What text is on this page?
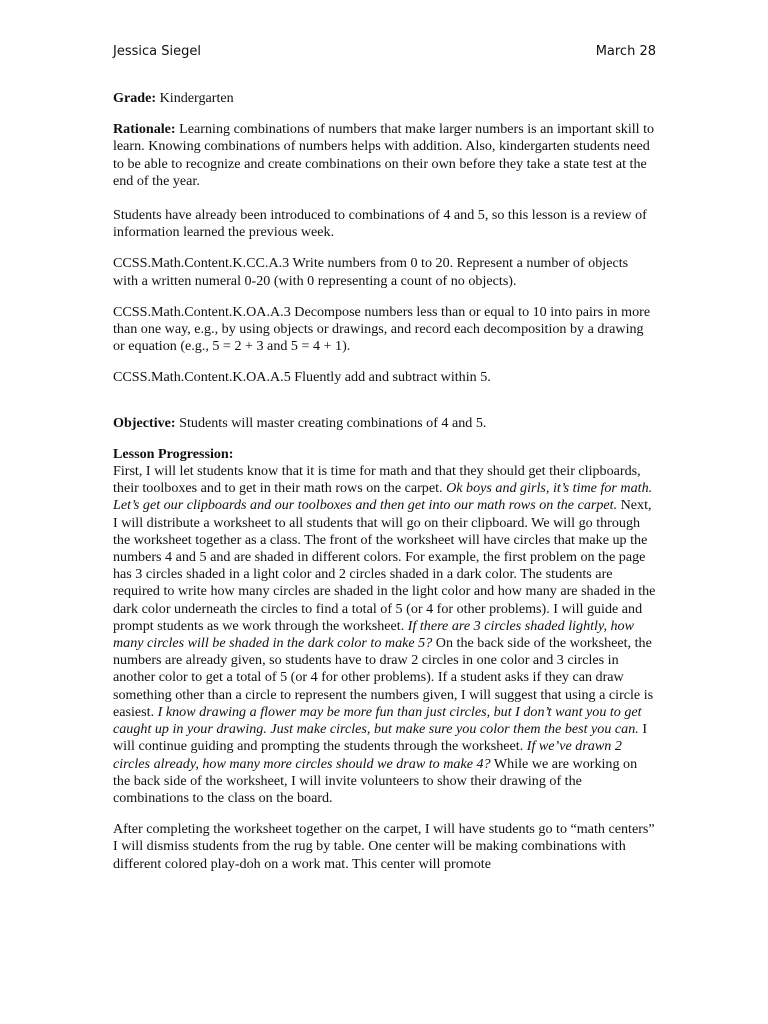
Jessica Siegel	March 28

Grade: Kindergarten

Rationale: Learning combinations of numbers that make larger numbers is an important skill to learn. Knowing combinations of numbers helps with addition. Also, kindergarten students need to be able to recognize and create combinations on their own before they take a state test at the end of the year.

Students have already been introduced to combinations of 4 and 5, so this lesson is a review of information learned the previous week.

CCSS.Math.Content.K.CC.A.3 Write numbers from 0 to 20. Represent a number of objects with a written numeral 0-20 (with 0 representing a count of no objects).

CCSS.Math.Content.K.OA.A.3 Decompose numbers less than or equal to 10 into pairs in more than one way, e.g., by using objects or drawings, and record each decomposition by a drawing or equation (e.g., 5 = 2 + 3 and 5 = 4 + 1).

CCSS.Math.Content.K.OA.A.5 Fluently add and subtract within 5.

Objective: Students will master creating combinations of 4 and 5.

Lesson Progression:

First, I will let students know that it is time for math and that they should get their clipboards, their toolboxes and to get in their math rows on the carpet. Ok boys and girls, it’s time for math. Let’s get our clipboards and our toolboxes and then get into our math rows on the carpet. Next, I will distribute a worksheet to all students that will go on their clipboard. We will go through the worksheet together as a class. The front of the worksheet will have circles that make up the numbers 4 and 5 and are shaded in different colors. For example, the first problem on the page has 3 circles shaded in a light color and 2 circles shaded in a dark color. The students are required to write how many circles are shaded in the light color and how many are shaded in the dark color underneath the circles to find a total of 5 (or 4 for other problems). I will guide and prompt students as we work through the worksheet. If there are 3 circles shaded lightly, how many circles will be shaded in the dark color to make 5? On the back side of the worksheet, the numbers are already given, so students have to draw 2 circles in one color and 3 circles in another color to get a total of 5 (or 4 for other problems). If a student asks if they can draw something other than a circle to represent the numbers given, I will suggest that using a circle is easiest. I know drawing a flower may be more fun than just circles, but I don’t want you to get caught up in your drawing. Just make circles, but make sure you color them the best you can. I will continue guiding and prompting the students through the worksheet. If we’ve drawn 2 circles already, how many more circles should we draw to make 4? While we are working on the back side of the worksheet, I will invite volunteers to show their drawing of the combinations to the class on the board.

After completing the worksheet together on the carpet, I will have students go to “math centers” I will dismiss students from the rug by table. One center will be making combinations with different colored play-doh on a work mat. This center will promote
